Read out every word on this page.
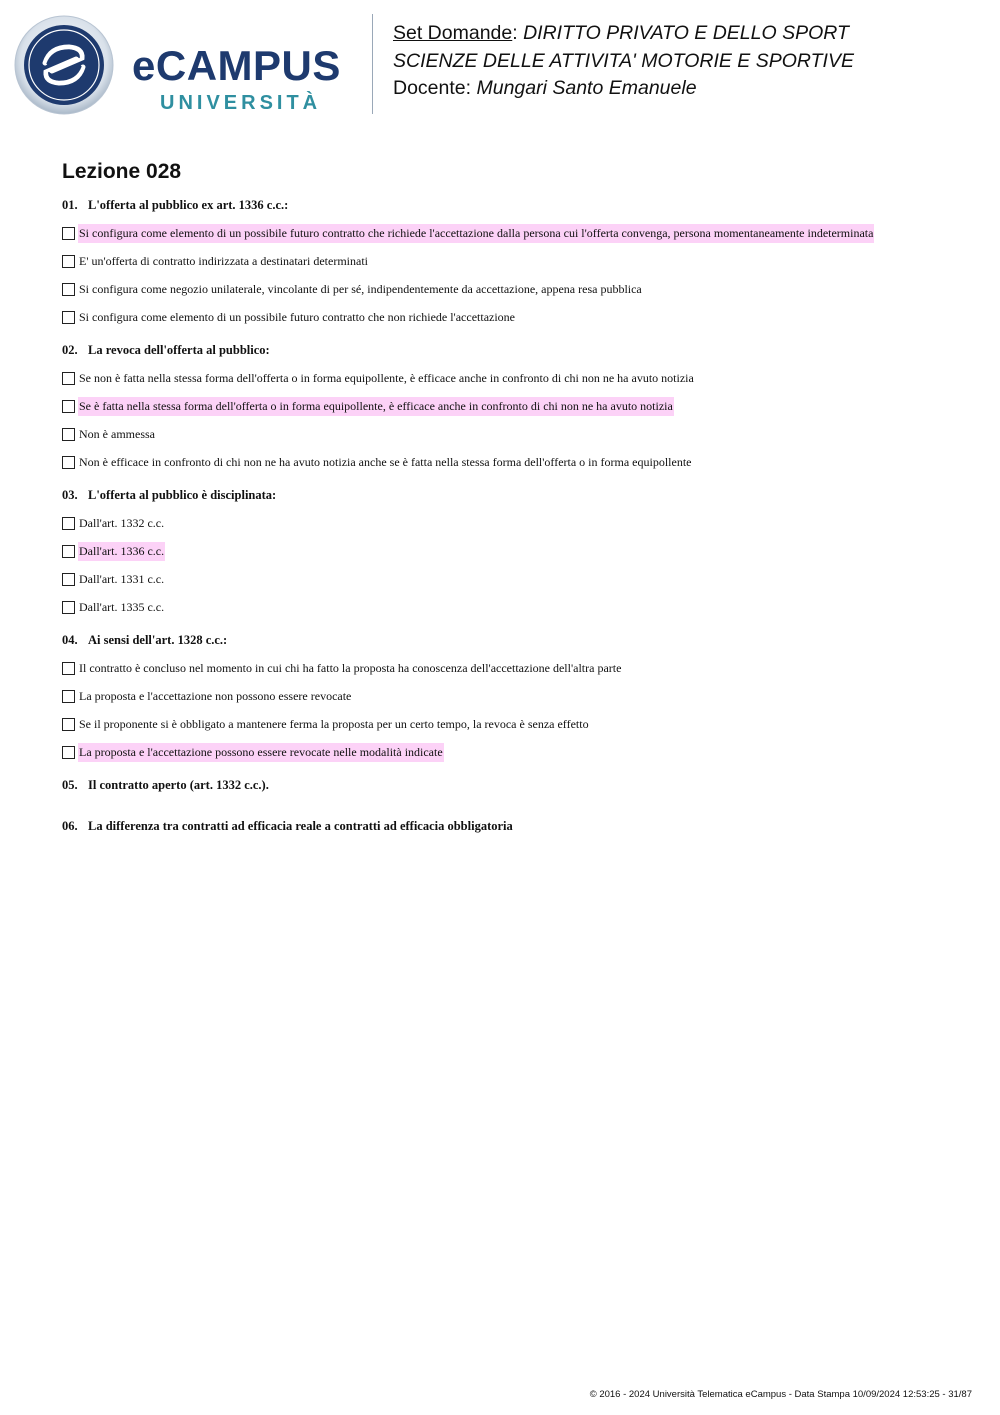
eCAMPUS
UNIVERSITÀ
Set Domande: DIRITTO PRIVATO E DELLO SPORT
SCIENZE DELLE ATTIVITA' MOTORIE E SPORTIVE
Docente: Mungari Santo Emanuele
Lezione 028
01. L'offerta al pubblico ex art. 1336 c.c.:
Si configura come elemento di un possibile futuro contratto che richiede l'accettazione dalla persona cui l'offerta convenga, persona momentaneamente indeterminata
E' un'offerta di contratto indirizzata a destinatari determinati
Si configura come negozio unilaterale, vincolante di per sé, indipendentemente da accettazione, appena resa pubblica
Si configura come elemento di un possibile futuro contratto che non richiede l'accettazione
02. La revoca dell'offerta al pubblico:
Se non è fatta nella stessa forma dell'offerta o in forma equipollente, è efficace anche in confronto di chi non ne ha avuto notizia
Se è fatta nella stessa forma dell'offerta o in forma equipollente, è efficace anche in confronto di chi non ne ha avuto notizia
Non è ammessa
Non è efficace in confronto di chi non ne ha avuto notizia anche se è fatta nella stessa forma dell'offerta o in forma equipollente
03. L'offerta al pubblico è disciplinata:
Dall'art. 1332 c.c.
Dall'art. 1336 c.c.
Dall'art. 1331 c.c.
Dall'art. 1335 c.c.
04. Ai sensi dell'art. 1328 c.c.:
Il contratto è concluso nel momento in cui chi ha fatto la proposta ha conoscenza dell'accettazione dell'altra parte
La proposta e l'accettazione non possono essere revocate
Se il proponente si è obbligato a mantenere ferma la proposta per un certo tempo, la revoca è senza effetto
La proposta e l'accettazione possono essere revocate nelle modalità indicate
05. Il contratto aperto (art. 1332 c.c.).
06. La differenza tra contratti ad efficacia reale a contratti ad efficacia obbligatoria
© 2016 - 2024 Università Telematica eCampus - Data Stampa 10/09/2024 12:53:25 - 31/87
